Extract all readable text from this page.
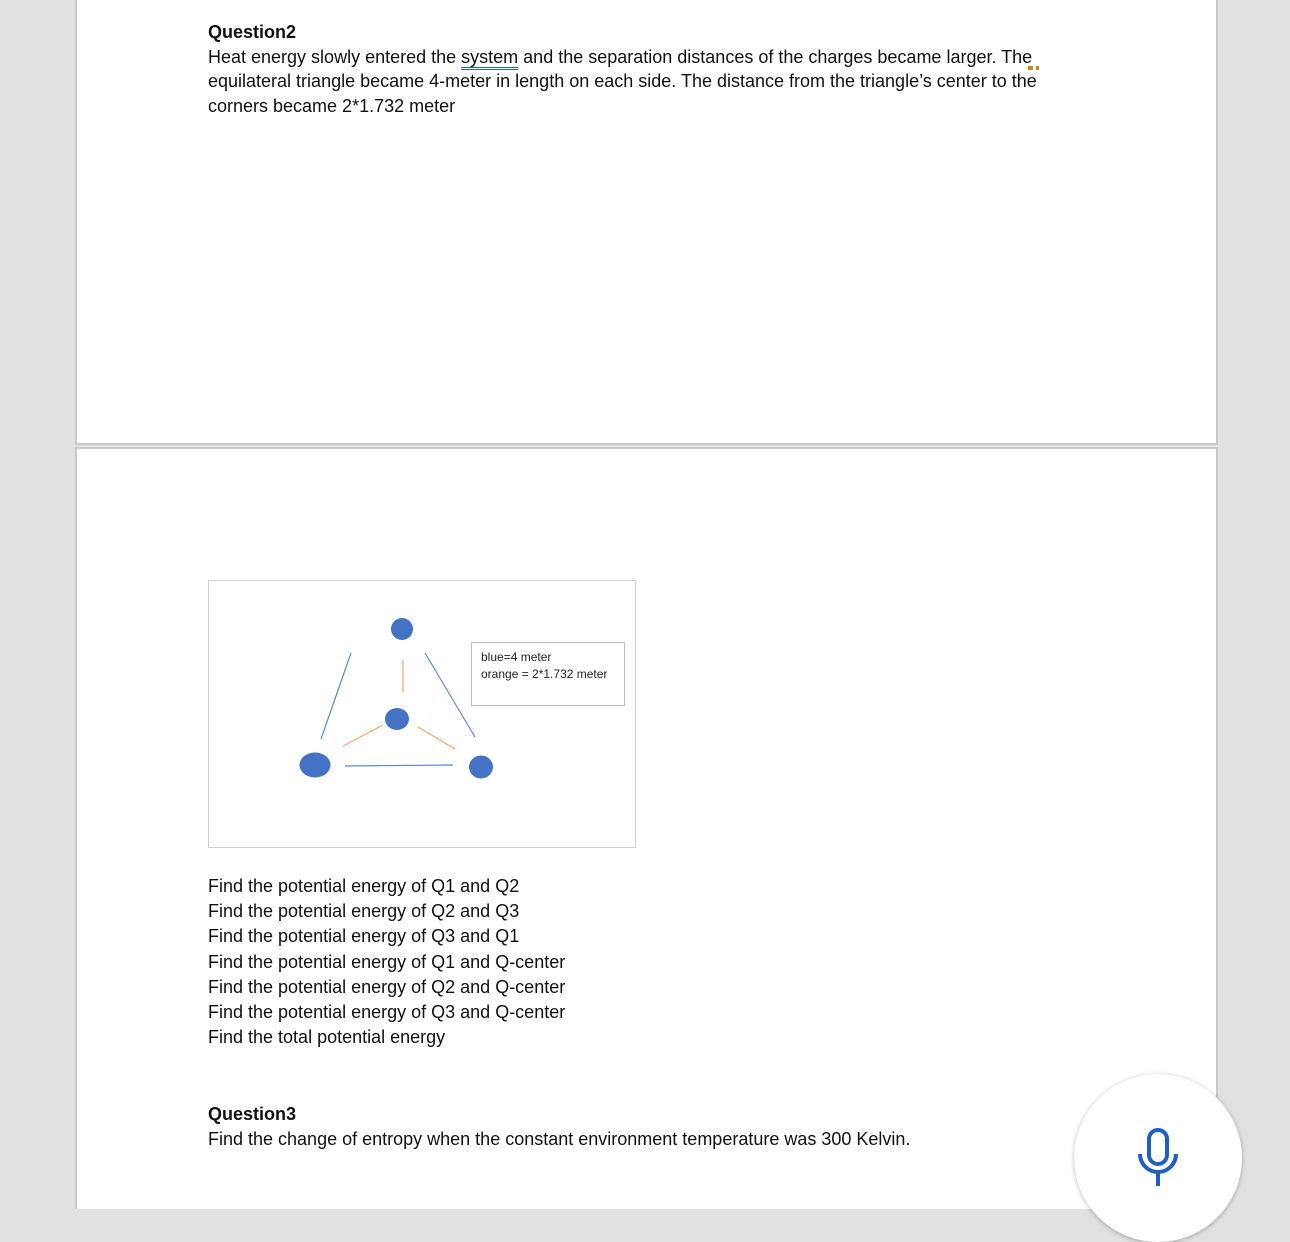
Question2
Heat energy slowly entered the system and the separation distances of the charges became larger. The equilateral triangle became 4-meter in length on each side. The distance from the triangle’s center to the corners became 2*1.732 meter
blue=4 meter
orange = 2*1.732 meter
Find the potential energy of Q1 and Q2
Find the potential energy of Q2 and Q3
Find the potential energy of Q3 and Q1
Find the potential energy of Q1 and Q-center
Find the potential energy of Q2 and Q-center
Find the potential energy of Q3 and Q-center
Find the total potential energy
Question3
Find the change of entropy when the constant environment temperature was 300 Kelvin.
